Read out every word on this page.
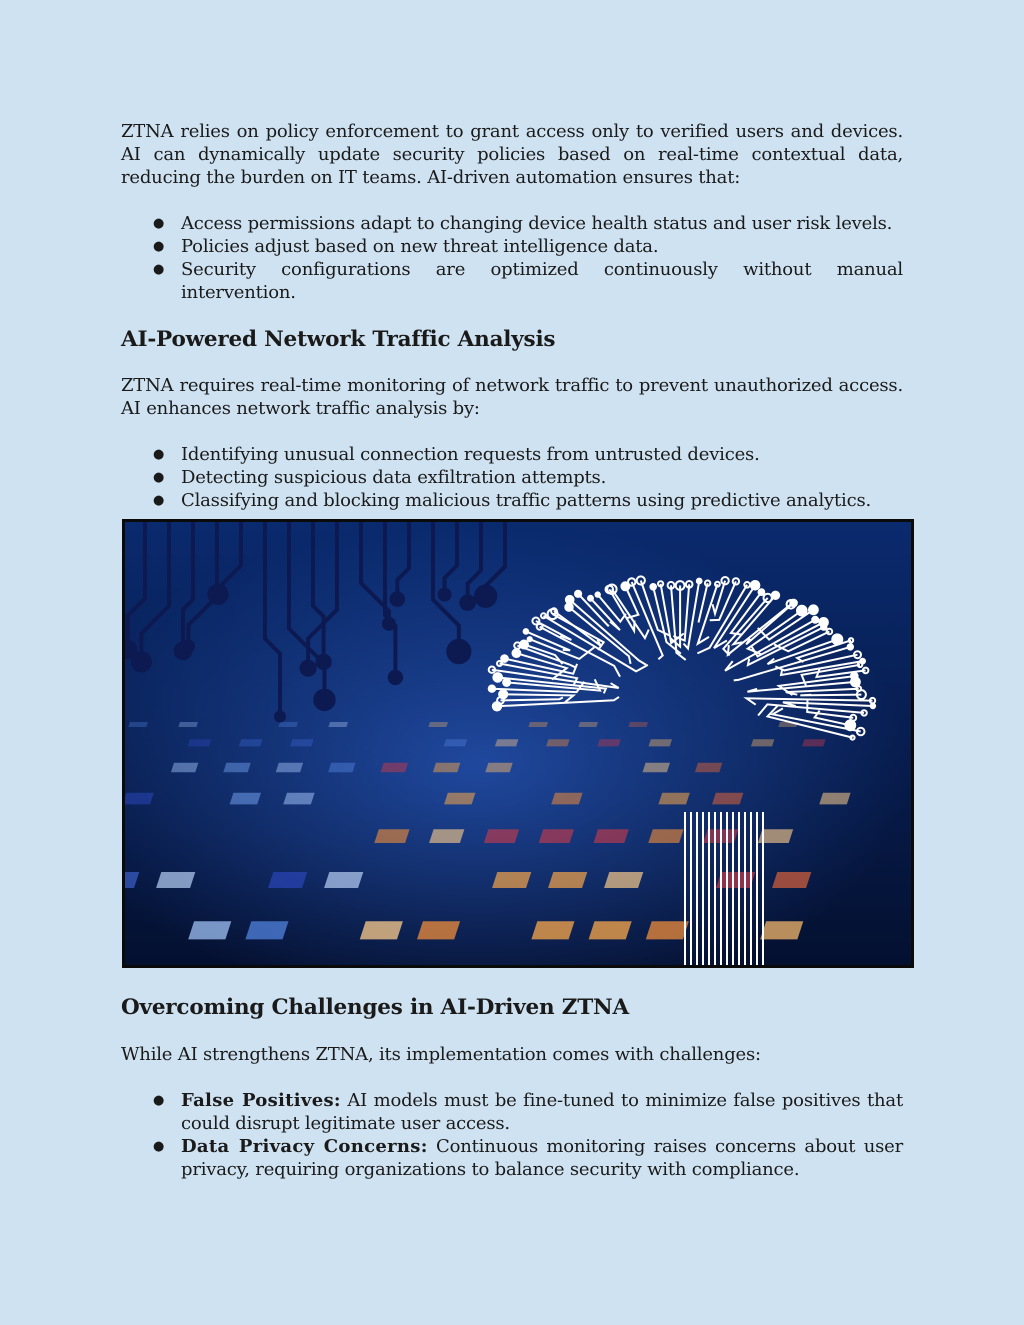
ZTNA relies on policy enforcement to grant access only to verified users and devices. AI can dynamically update security policies based on real-time contextual data, reducing the burden on IT teams. AI-driven automation ensures that:

● Access permissions adapt to changing device health status and user risk levels.
● Policies adjust based on new threat intelligence data.
● Security configurations are optimized continuously without manual intervention.
AI-Powered Network Traffic Analysis

ZTNA requires real-time monitoring of network traffic to prevent unauthorized access. AI enhances network traffic analysis by:

● Identifying unusual connection requests from untrusted devices.
● Detecting suspicious data exfiltration attempts.
● Classifying and blocking malicious traffic patterns using predictive analytics.
Overcoming Challenges in AI-Driven ZTNA

While AI strengthens ZTNA, its implementation comes with challenges:

● False Positives: AI models must be fine-tuned to minimize false positives that could disrupt legitimate user access.
● Data Privacy Concerns: Continuous monitoring raises concerns about user privacy, requiring organizations to balance security with compliance.
